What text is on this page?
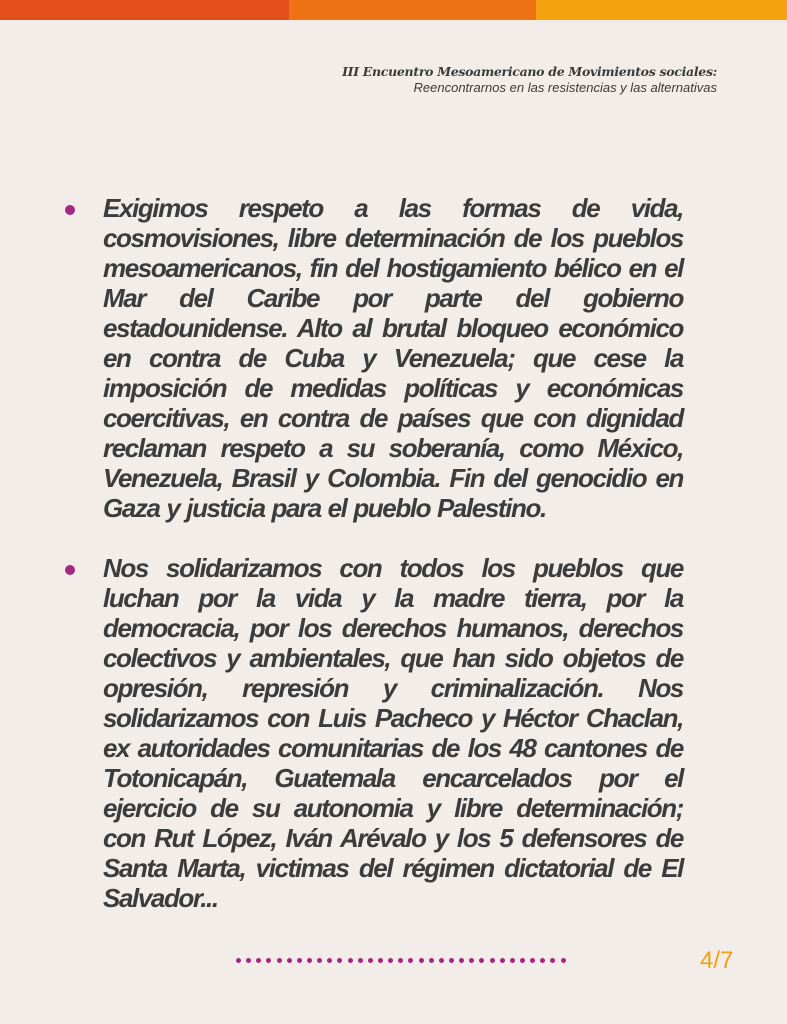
III Encuentro Mesoamericano de Movimientos sociales:
Reencontrarnos en las resistencias y las alternativas
Exigimos respeto a las formas de vida, cosmovisiones, libre determinación de los pueblos mesoamericanos, fin del hostigamiento bélico en el Mar del Caribe por parte del gobierno estadounidense. Alto al brutal bloqueo económico en contra de Cuba y Venezuela; que cese la imposición de medidas políticas y económicas coercitivas, en contra de países que con dignidad reclaman respeto a su soberanía, como México, Venezuela, Brasil y Colombia. Fin del genocidio en Gaza y justicia para el pueblo Palestino.
Nos solidarizamos con todos los pueblos que luchan por la vida y la madre tierra, por la democracia, por los derechos humanos, derechos colectivos y ambientales, que han sido objetos de opresión, represión y criminalización. Nos solidarizamos con Luis Pacheco y Héctor Chaclan, ex autoridades comunitarias de los 48 cantones de Totonicapán, Guatemala encarcelados por el ejercicio de su autonomia y libre determinación; con Rut López, Iván Arévalo y los 5 defensores de Santa Marta, victimas del régimen dictatorial de El Salvador...
4/7
